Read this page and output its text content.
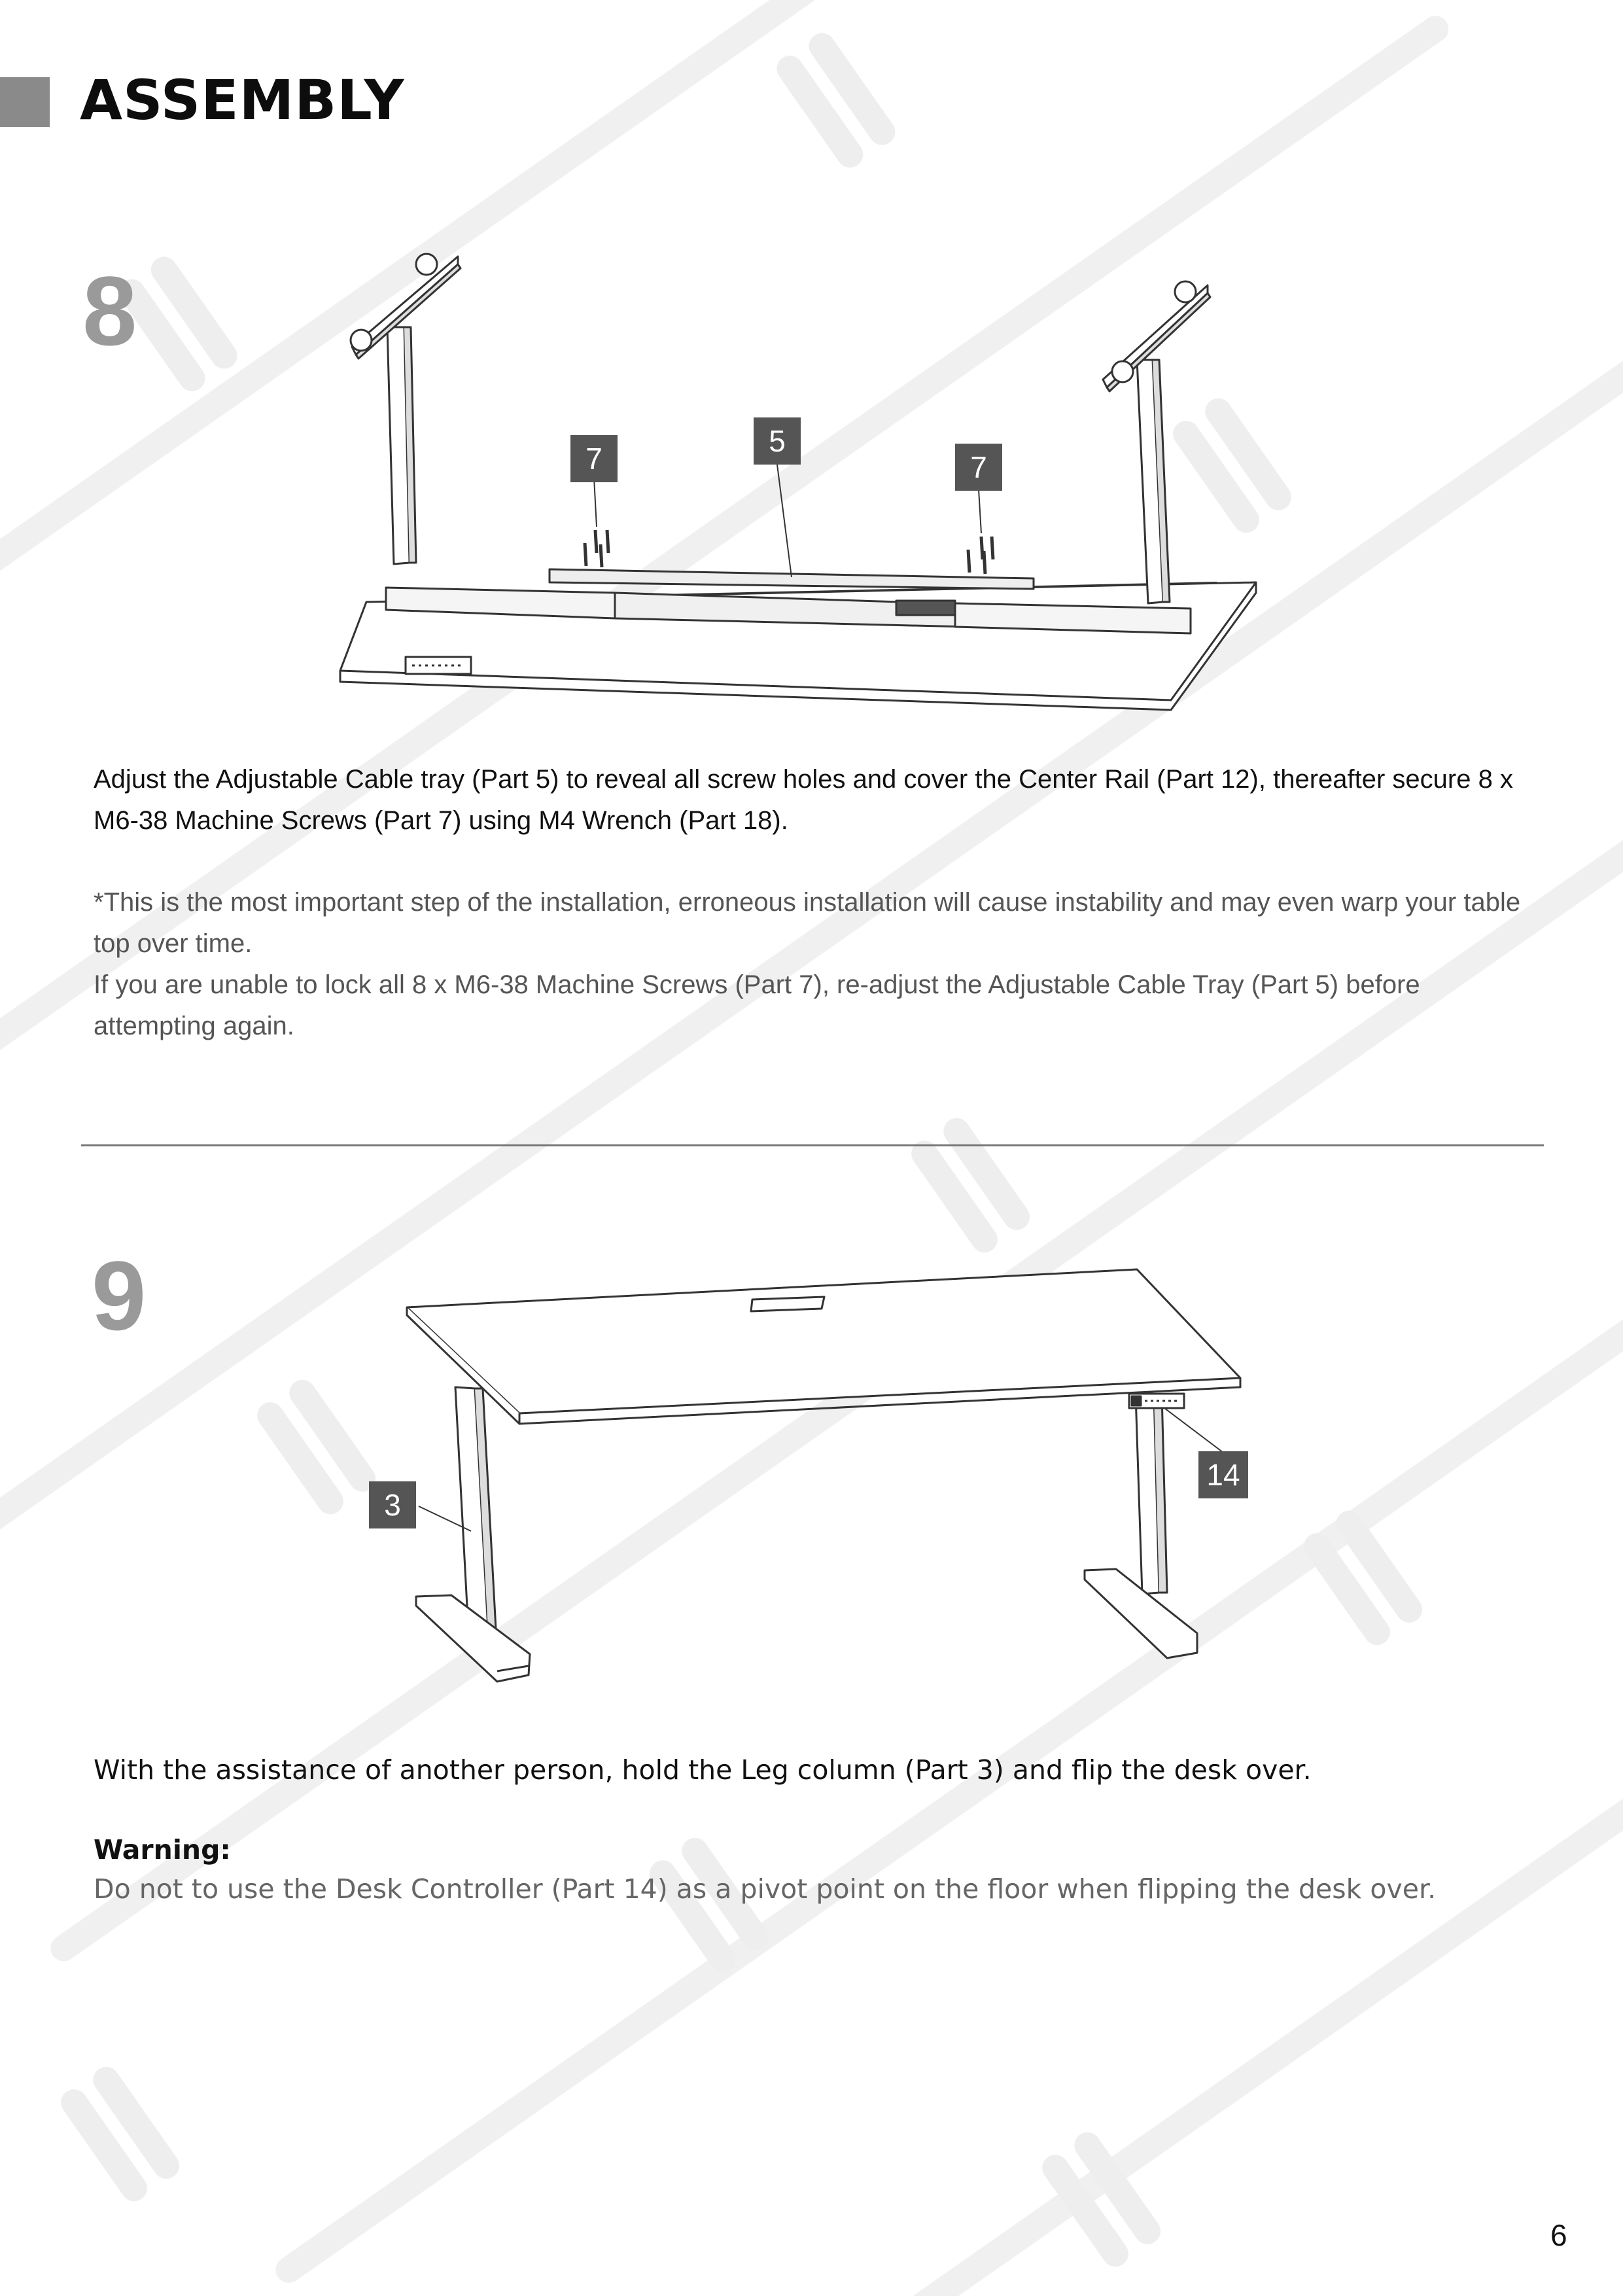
ASSEMBLY
8
7
5
7

Adjust the Adjustable Cable tray (Part 5) to reveal all screw holes and cover the Center Rail (Part 12), thereafter secure 8 x M6-38 Machine Screws (Part 7) using M4 Wrench (Part 18).

*This is the most important step of the installation, erroneous installation will cause instability and may even warp your table top over time.

If you are unable to lock all 8 x M6-38 Machine Screws (Part 7), re-adjust the Adjustable Cable Tray (Part 5) before attempting again.

9
3
14

With the assistance of another person, hold the Leg column (Part 3) and flip the desk over.

Warning:

Do not to use the Desk Controller (Part 14) as a pivot point on the floor when flipping the desk over.

6
